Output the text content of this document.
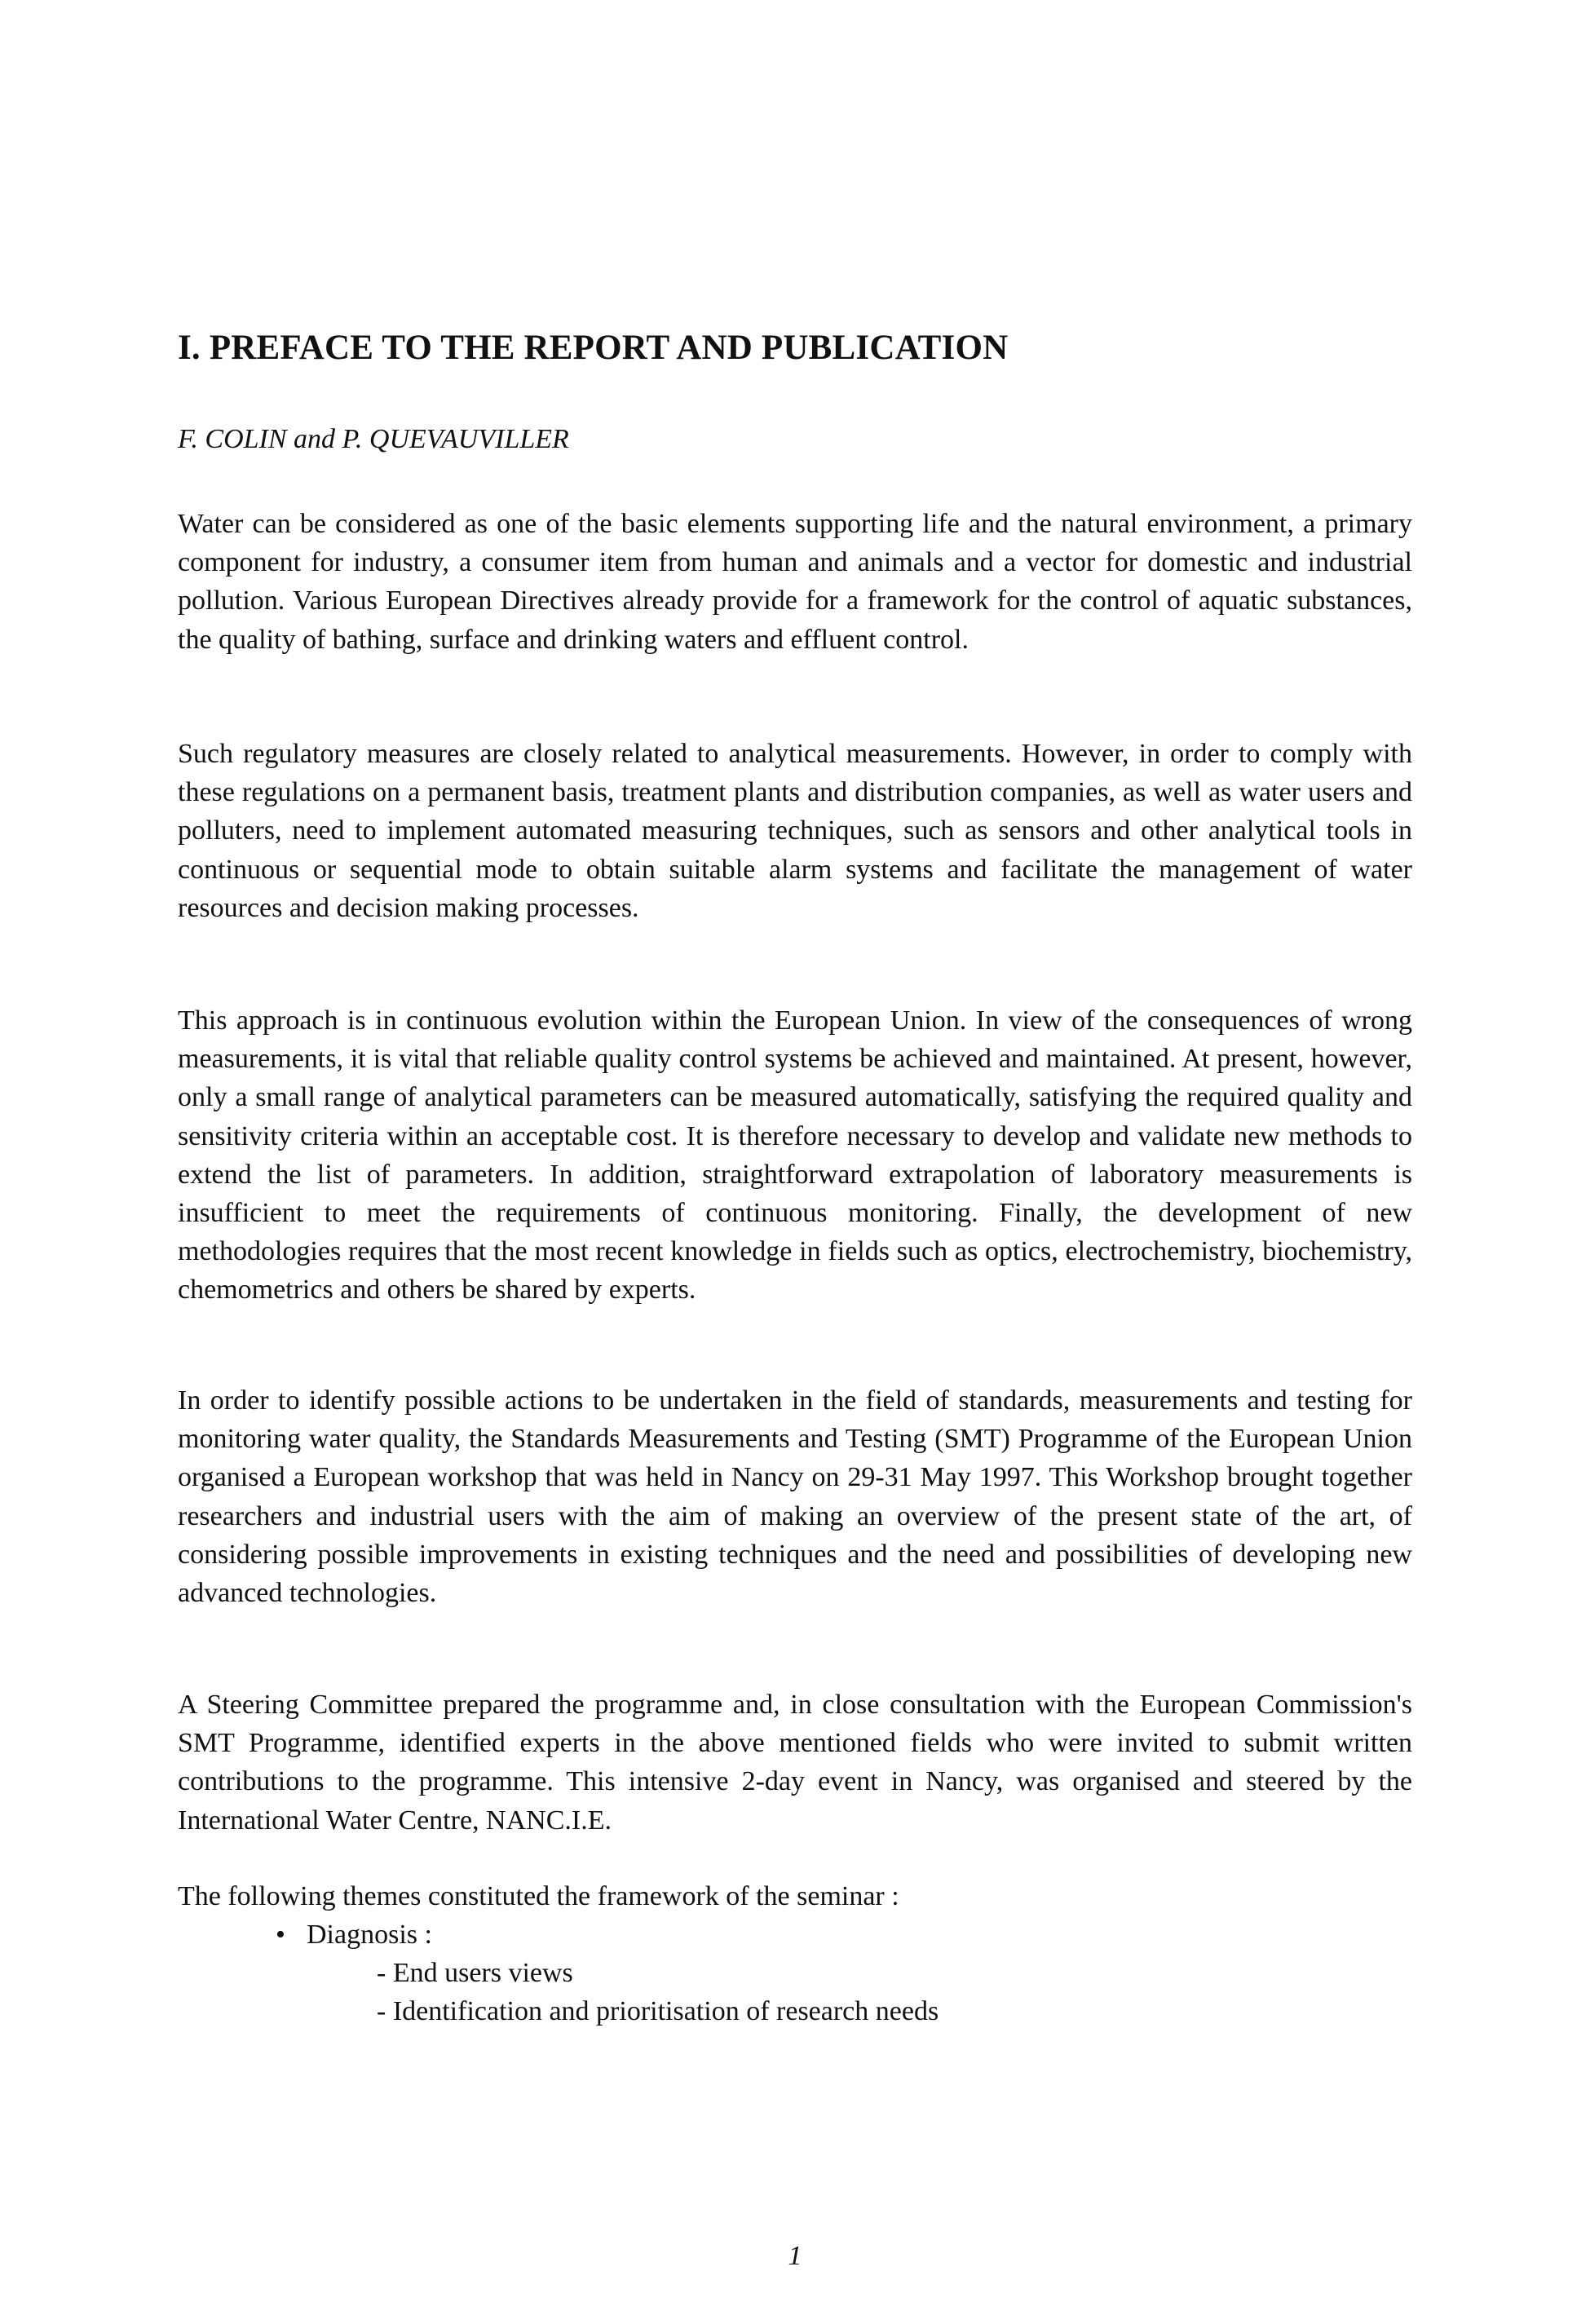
I. PREFACE TO THE REPORT AND PUBLICATION

F. COLIN and P. QUEVAUVILLER

Water can be considered as one of the basic elements supporting life and the natural environment, a primary component for industry, a consumer item from human and animals and a vector for domestic and industrial pollution. Various European Directives already provide for a framework for the control of aquatic substances, the quality of bathing, surface and drinking waters and effluent control.

Such regulatory measures are closely related to analytical measurements. However, in order to comply with these regulations on a permanent basis, treatment plants and distribution companies, as well as water users and polluters, need to implement automated measuring techniques, such as sensors and other analytical tools in continuous or sequential mode to obtain suitable alarm systems and facilitate the management of water resources and decision making processes.

This approach is in continuous evolution within the European Union. In view of the consequences of wrong measurements, it is vital that reliable quality control systems be achieved and maintained. At present, however, only a small range of analytical parameters can be measured automatically, satisfying the required quality and sensitivity criteria within an acceptable cost. It is therefore necessary to develop and validate new methods to extend the list of parameters. In addition, straightforward extrapolation of laboratory measurements is insufficient to meet the requirements of continuous monitoring. Finally, the development of new methodologies requires that the most recent knowledge in fields such as optics, electrochemistry, biochemistry, chemometrics and others be shared by experts.

In order to identify possible actions to be undertaken in the field of standards, measurements and testing for monitoring water quality, the Standards Measurements and Testing (SMT) Programme of the European Union organised a European workshop that was held in Nancy on 29-31 May 1997. This Workshop brought together researchers and industrial users with the aim of making an overview of the present state of the art, of considering possible improvements in existing techniques and the need and possibilities of developing new advanced technologies.

A Steering Committee prepared the programme and, in close consultation with the European Commission's SMT Programme, identified experts in the above mentioned fields who were invited to submit written contributions to the programme. This intensive 2-day event in Nancy, was organised and steered by the International Water Centre, NANC.I.E.

The following themes constituted the framework of the seminar :

• Diagnosis :

- End users views

- Identification and prioritisation of research needs

1
